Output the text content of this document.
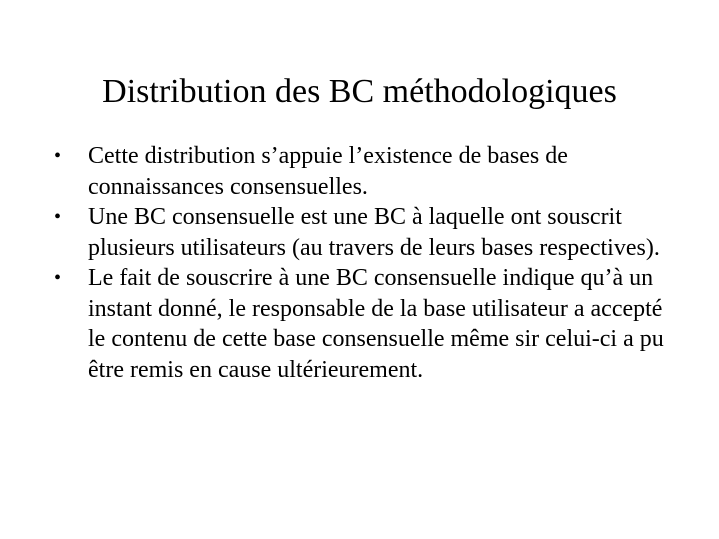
Distribution des BC méthodologiques
•	Cette distribution s’appuie l’existence de bases de connaissances consensuelles.
•	Une BC consensuelle est une BC à laquelle ont souscrit plusieurs utilisateurs (au travers de leurs bases respectives).
•	Le fait de souscrire à une BC consensuelle indique qu’à un instant donné, le responsable de la base utilisateur a accepté le contenu de cette base consensuelle même sir celui-ci a pu être remis en cause ultérieurement.
